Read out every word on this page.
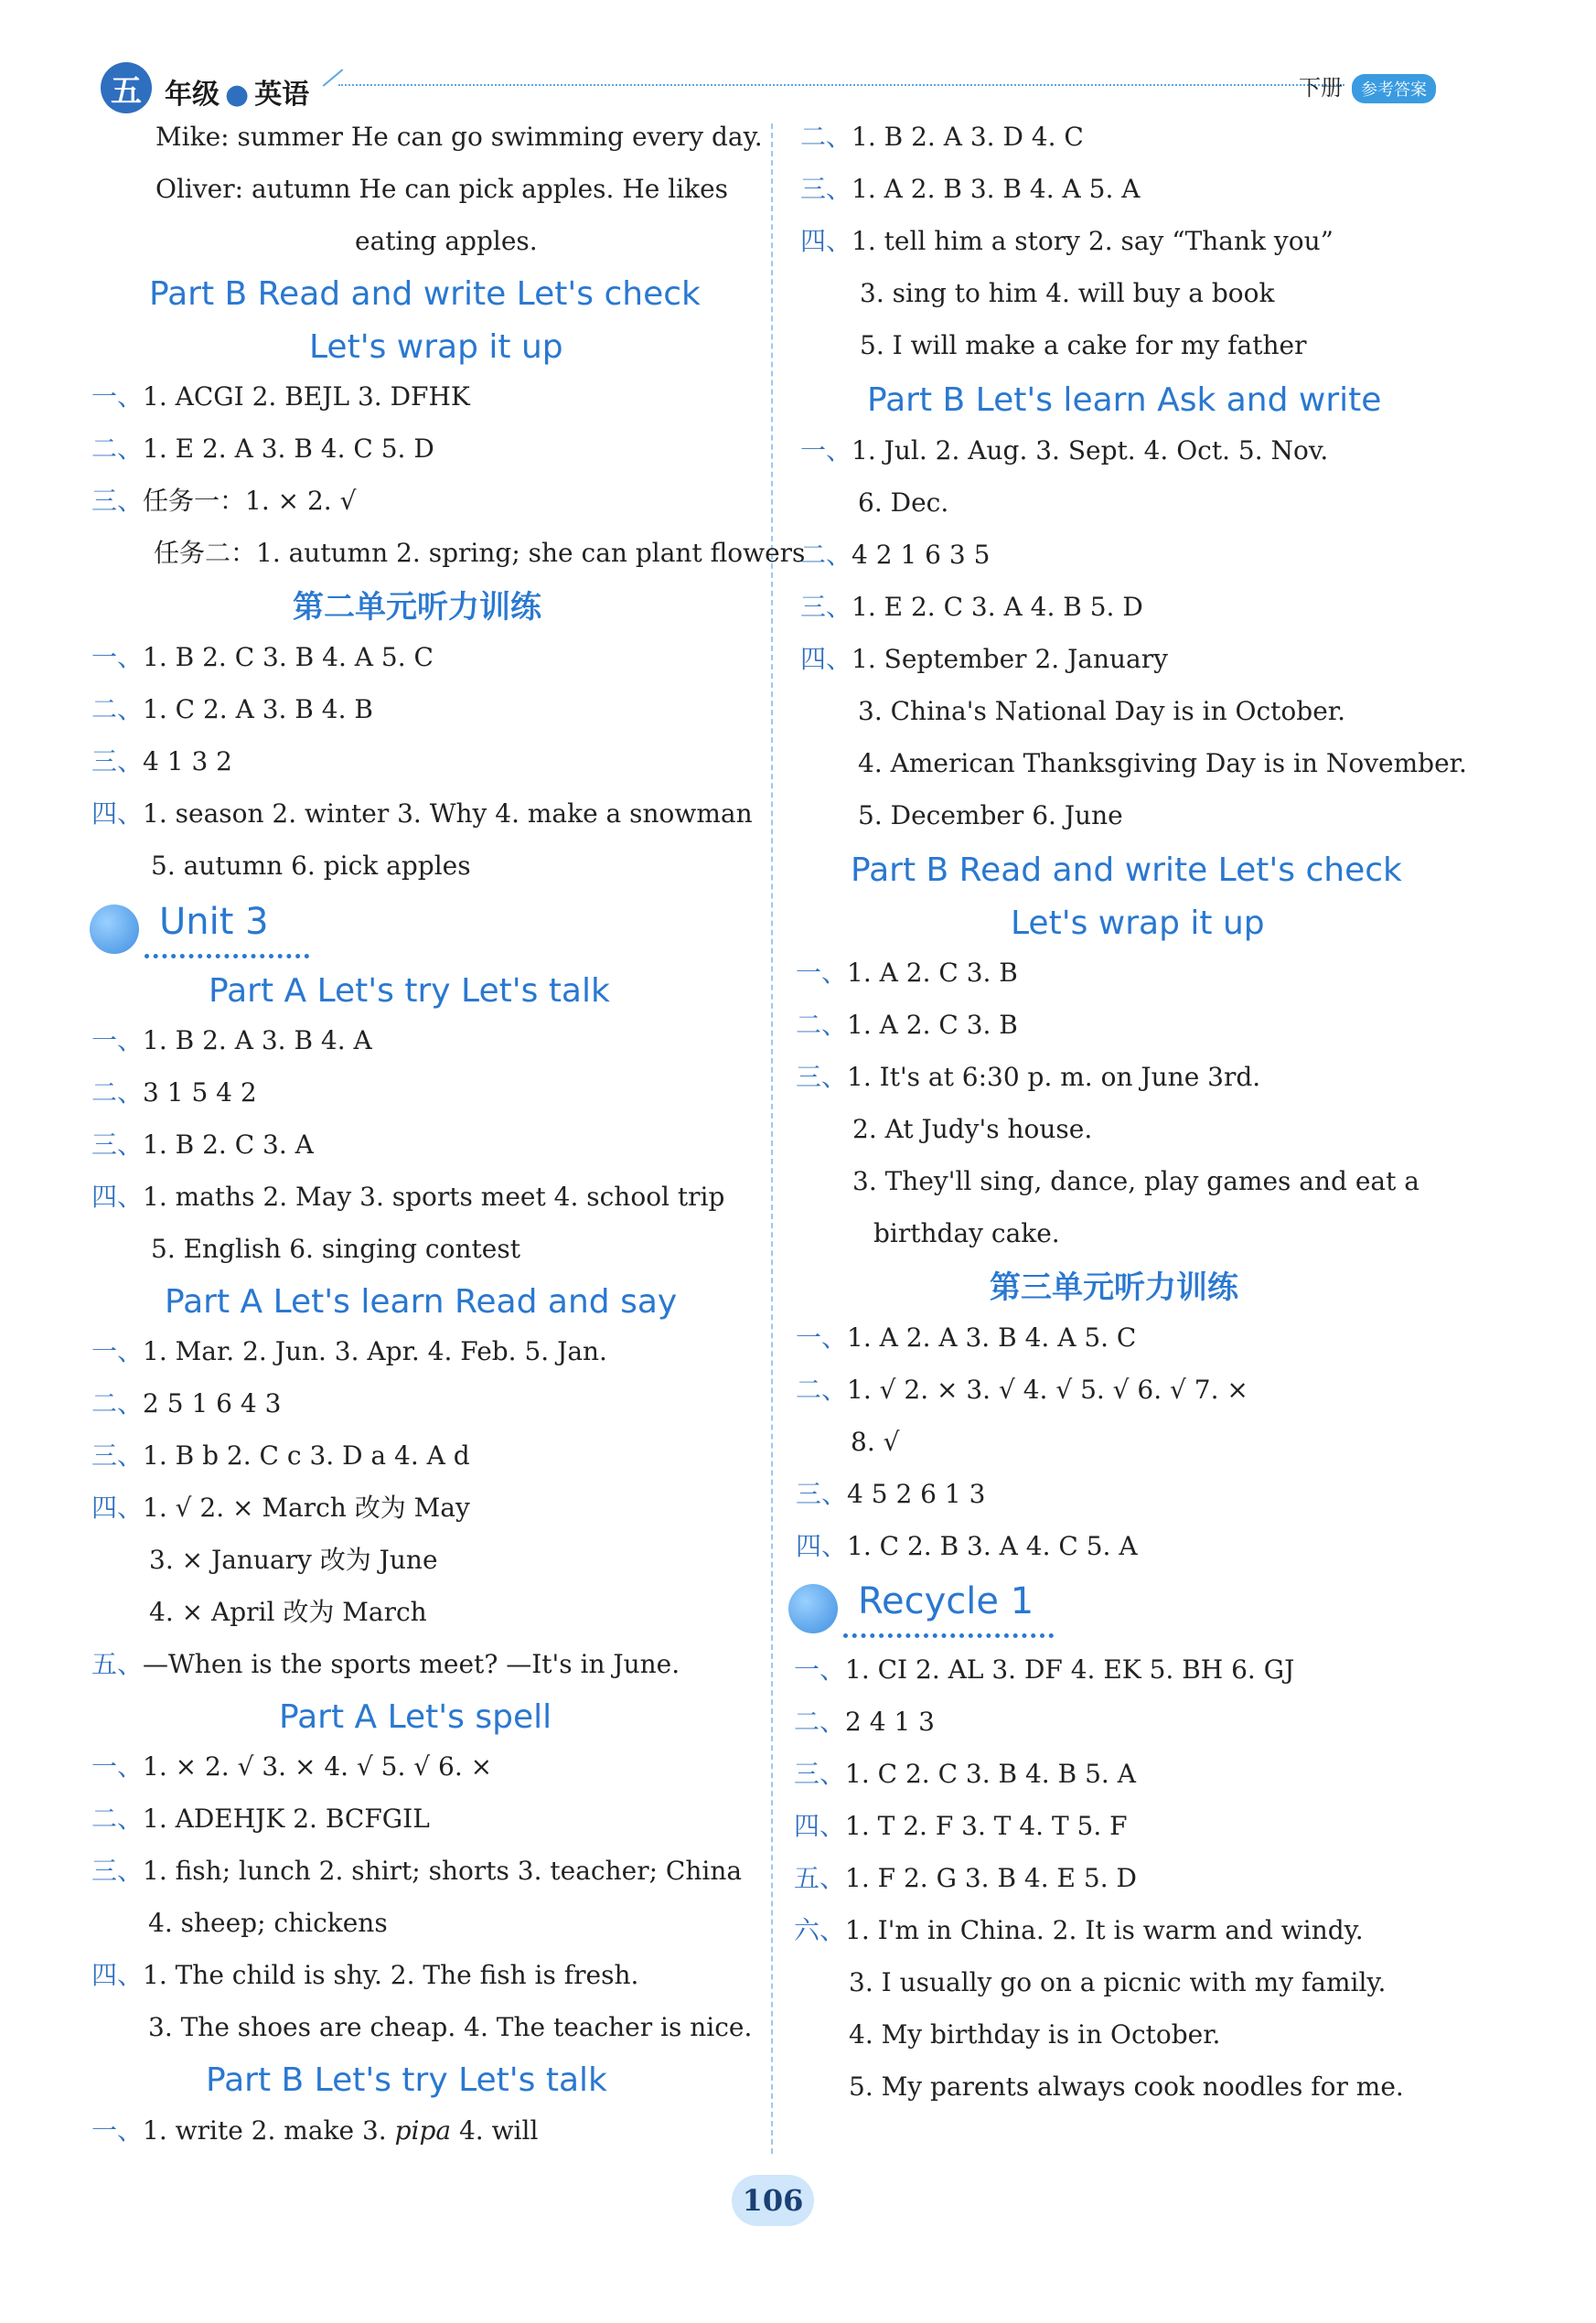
五 年级 ● 英语	下册 参考答案
Mike: summer He can go swimming every day.
Oliver: autumn He can pick apples. He likes
eating apples.
Part B Read and write Let's check
Let's wrap it up
一、1. ACGI 2. BEJL 3. DFHK
二、1. E 2. A 3. B 4. C 5. D
三、任务一：1. × 2. √
任务二：1. autumn 2. spring; she can plant flowers
第二单元听力训练
一、1. B 2. C 3. B 4. A 5. C
二、1. C 2. A 3. B 4. B
三、4 1 3 2
四、1. season 2. winter 3. Why 4. make a snowman
5. autumn 6. pick apples
Unit 3
Part A Let's try Let's talk
一、1. B 2. A 3. B 4. A
二、3 1 5 4 2
三、1. B 2. C 3. A
四、1. maths 2. May 3. sports meet 4. school trip
5. English 6. singing contest
Part A Let's learn Read and say
一、1. Mar. 2. Jun. 3. Apr. 4. Feb. 5. Jan.
二、2 5 1 6 4 3
三、1. B b 2. C c 3. D a 4. A d
四、1. √ 2. × March 改为 May
3. × January 改为 June
4. × April 改为 March
五、—When is the sports meet? —It's in June.
Part A Let's spell
一、1. × 2. √ 3. × 4. √ 5. √ 6. ×
二、1. ADEHJK 2. BCFGIL
三、1. fish; lunch 2. shirt; shorts 3. teacher; China
4. sheep; chickens
四、1. The child is shy. 2. The fish is fresh.
3. The shoes are cheap. 4. The teacher is nice.
Part B Let's try Let's talk
一、1. write 2. make 3. pipa 4. will
二、1. B 2. A 3. D 4. C
三、1. A 2. B 3. B 4. A 5. A
四、1. tell him a story 2. say “Thank you”
3. sing to him 4. will buy a book
5. I will make a cake for my father
Part B Let's learn Ask and write
一、1. Jul. 2. Aug. 3. Sept. 4. Oct. 5. Nov.
6. Dec.
二、4 2 1 6 3 5
三、1. E 2. C 3. A 4. B 5. D
四、1. September 2. January
3. China's National Day is in October.
4. American Thanksgiving Day is in November.
5. December 6. June
Part B Read and write Let's check
Let's wrap it up
一、1. A 2. C 3. B
二、1. A 2. C 3. B
三、1. It's at 6:30 p. m. on June 3rd.
2. At Judy's house.
3. They'll sing, dance, play games and eat a
birthday cake.
第三单元听力训练
一、1. A 2. A 3. B 4. A 5. C
二、1. √ 2. × 3. √ 4. √ 5. √ 6. √ 7. ×
8. √
三、4 5 2 6 1 3
四、1. C 2. B 3. A 4. C 5. A
Recycle 1
一、1. CI 2. AL 3. DF 4. EK 5. BH 6. GJ
二、2 4 1 3
三、1. C 2. C 3. B 4. B 5. A
四、1. T 2. F 3. T 4. T 5. F
五、1. F 2. G 3. B 4. E 5. D
六、1. I'm in China. 2. It is warm and windy.
3. I usually go on a picnic with my family.
4. My birthday is in October.
5. My parents always cook noodles for me.
106
